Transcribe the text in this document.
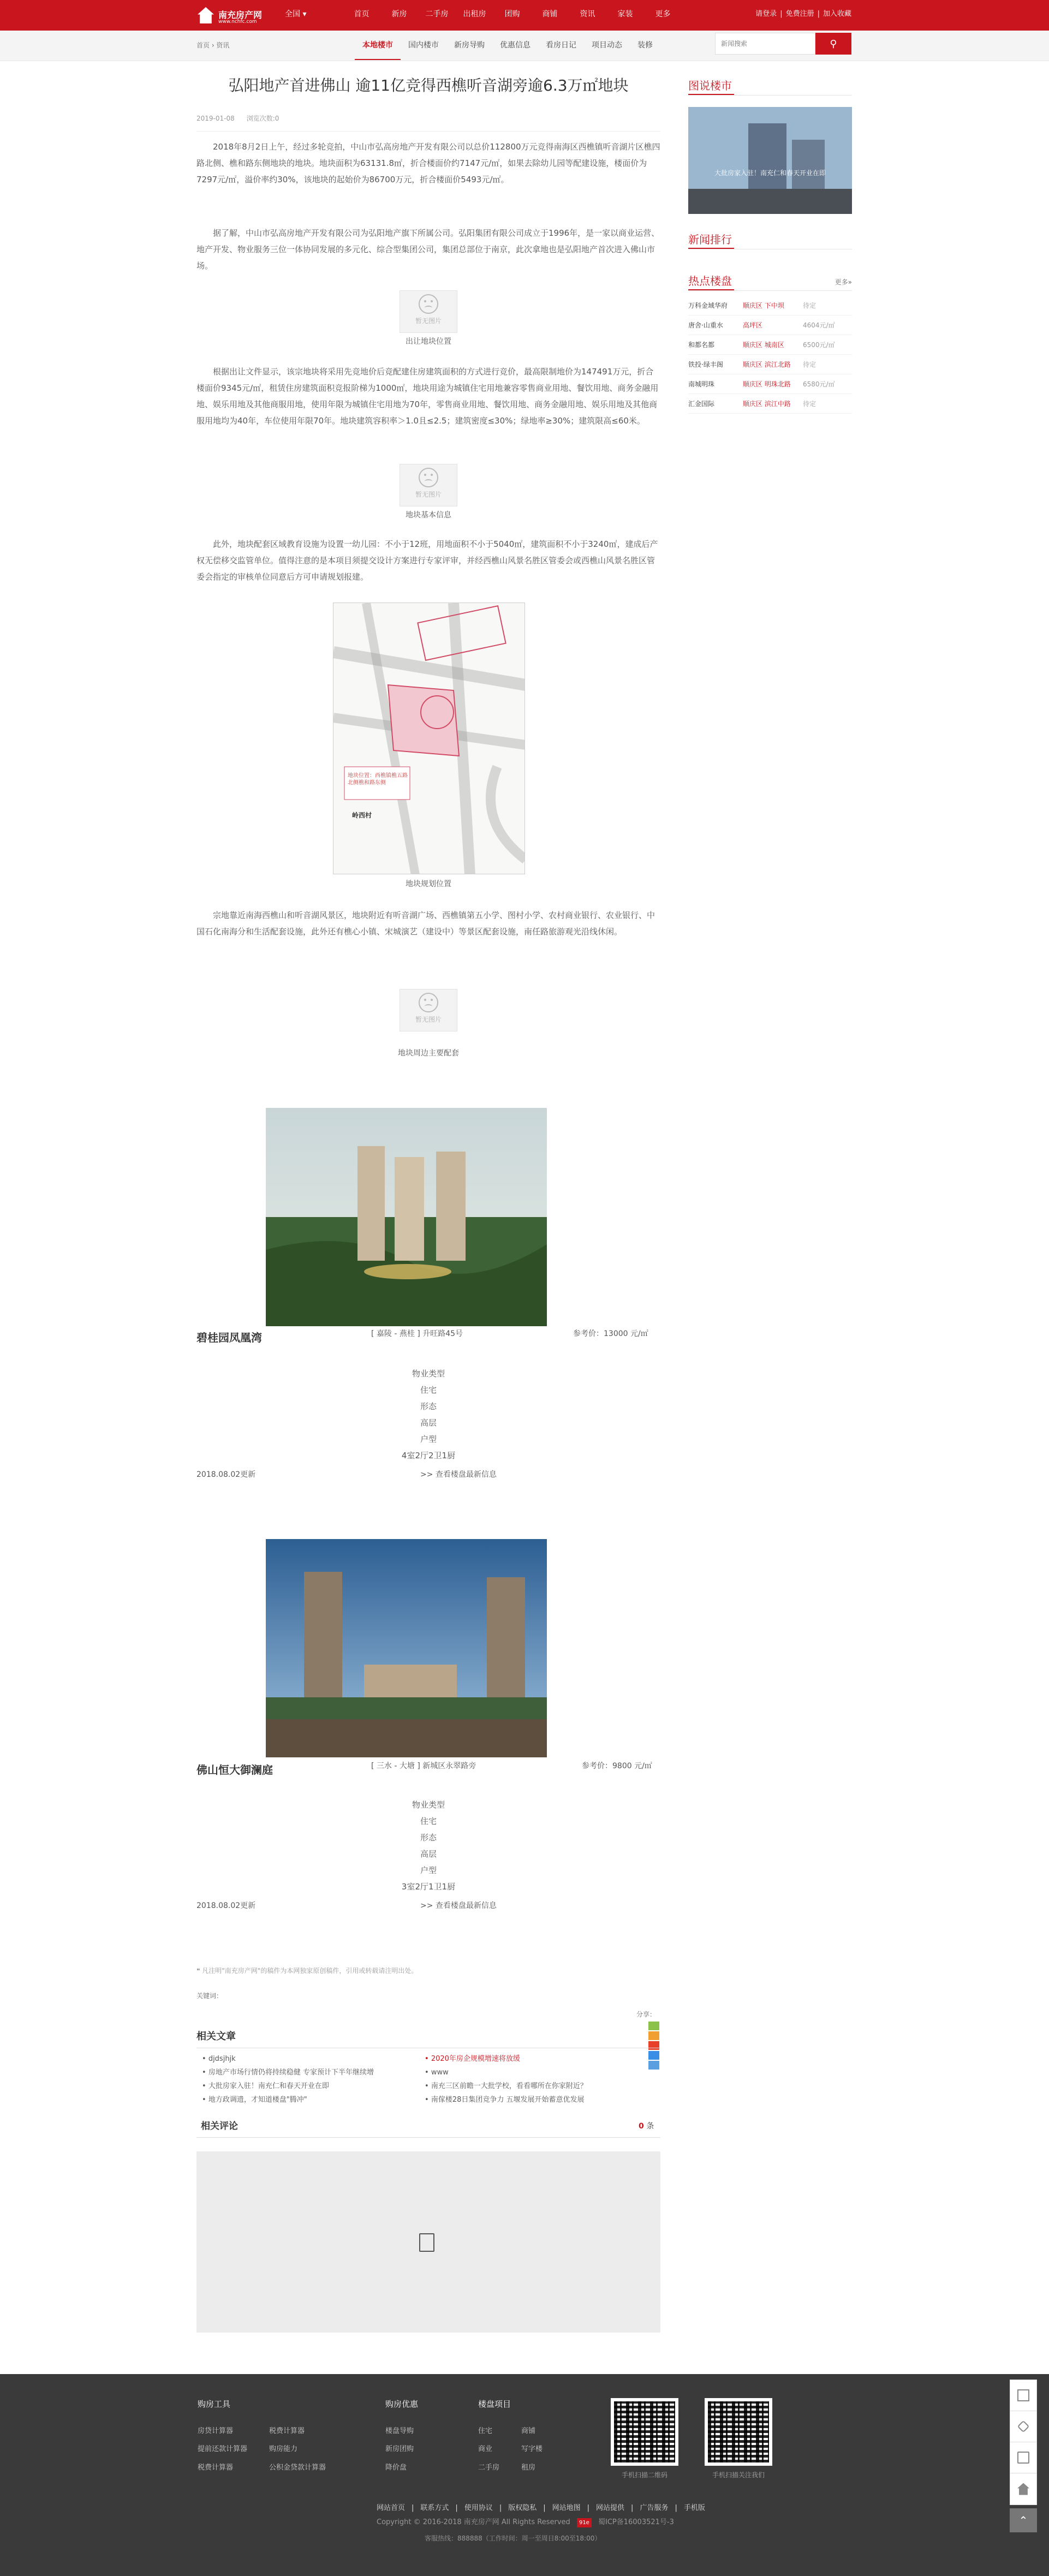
南充房产网
www.nchfc.com
全国 ▾	首页	新房	二手房	出租房	团购	商铺	资讯	家装	更多	请登录 | 免费注册 | 加入收藏
首页 › 资讯	本地楼市	国内楼市	新房导购	优惠信息	看房日记	项目动态	装修
新闻搜索	⚲
弘阳地产首进佛山 逾11亿竞得西樵听音湖旁逾6.3万㎡地块
2019-01-08 浏览次数:0

2018年8月2日上午，经过多轮竞拍，中山市弘高房地产开发有限公司以总价112800万元竞得南海区西樵镇听音湖片区樵四路北侧、樵和路东侧地块的地块。地块面积为63131.8㎡，折合楼面价约7147元/㎡，如果去除幼儿园等配建设施，楼面价为7297元/㎡，溢价率约30%，该地块的起始价为86700万元，折合楼面价5493元/㎡。

据了解，中山市弘高房地产开发有限公司为弘阳地产旗下所属公司。弘阳集团有限公司成立于1996年，是一家以商业运营、地产开发、物业服务三位一体协同发展的多元化、综合型集团公司，集团总部位于南京，此次拿地也是弘阳地产首次进入佛山市场。

暂无图片
出让地块位置

根据出让文件显示，该宗地块将采用先竞地价后竞配建住房建筑面积的方式进行竞价，最高限制地价为147491万元，折合楼面价9345元/㎡，租赁住房建筑面积竞报阶梯为1000㎡，地块用途为城镇住宅用地兼容零售商业用地、餐饮用地、商务金融用地、娱乐用地及其他商服用地，使用年限为城镇住宅用地为70年，零售商业用地、餐饮用地、商务金融用地、娱乐用地及其他商服用地均为40年，车位使用年限70年。地块建筑容积率＞1.0且≤2.5；建筑密度≤30%；绿地率≥30%；建筑限高≤60米。

暂无图片
地块基本信息

此外，地块配套区域教育设施为设置一幼儿园：不小于12班，用地面积不小于5040㎡，建筑面积不小于3240㎡，建成后产权无偿移交监管单位。值得注意的是本项目须提交设计方案进行专家评审，并经西樵山风景名胜区管委会或西樵山风景名胜区管委会指定的审核单位同意后方可申请规划报建。

地块位置：西樵镇樵五路北侧樵和路东侧
岭西村
地块规划位置

宗地靠近南海西樵山和听音湖风景区，地块附近有听音湖广场、西樵镇第五小学、图村小学、农村商业银行、农业银行、中国石化南海分和生活配套设施，此外还有樵心小镇、宋城演艺（建设中）等景区配套设施，南任路旅游观光沿线休闲。

暂无图片
地块周边主要配套
碧桂园凤凰湾	[ 嘉陵 - 燕桂 ] 升旺路45号	参考价：13000 元/㎡
物业类型
住宅
形态
高层
户型
4室2厅2卫1厨
2018.08.02更新	>> 查看楼盘最新信息
佛山恒大御澜庭	[ 三水 - 大塘 ] 新城区永翠路旁	参考价：9800 元/㎡
物业类型
住宅
形态
高层
户型
3室2厅1卫1厨
2018.08.02更新	>> 查看楼盘最新信息
❝ 凡注明"南充房产网"的稿件为本网独家原创稿件，引用或转载请注明出处。
关键词：
分享：
相关文章
• djdsjhjk
• 房地产市场行情仍将持续稳健 专家预计下半年继续增
• 大批房家入驻！南充仁和春天开业在即
• 地方政调遗，才知道楼盘"腾冲"
• 2020年房企规模增速将放缓
• www
• 南充三区前瞻一大批学校，看看哪所在你家附近？
• 南傢楼28日集团竞争力 五堰发展开始蓄意优发展
相关评论	0 条
图说楼市
大批房家入驻！南充仁和春天开业在即
新闻排行
热点楼盘	更多»
万科金域华府	顺庆区 下中坝	待定
唐舍·山重水	高坪区	4604元/㎡
和都名都	顺庆区 城南区	6500元/㎡
铁投·绿丰阁	顺庆区 滨江北路	待定
南城明珠	顺庆区 明珠北路	6580元/㎡
汇金国际	顺庆区 滨江中路	待定
购房工具
房贷计算器	税费计算器
提前还款计算器	购房能力
税费计算器	公积金贷款计算器
购房优惠
楼盘导购
新房团购
降价盘
楼盘项目
住宅	商铺
商业	写字楼
二手房	租房
手机扫描二维码	手机扫描关注我们
网站首页 | 联系方式 | 使用协议 | 版权隐私 | 网站地图 | 网站提供 | 广告服务 | 手机版
Copyright © 2016-2018 南充房产网 All Rights Reserved 91e 蜀ICP备16003521号-3
客服热线：888888（工作时间：周一至周日8:00至18:00）
⌃
